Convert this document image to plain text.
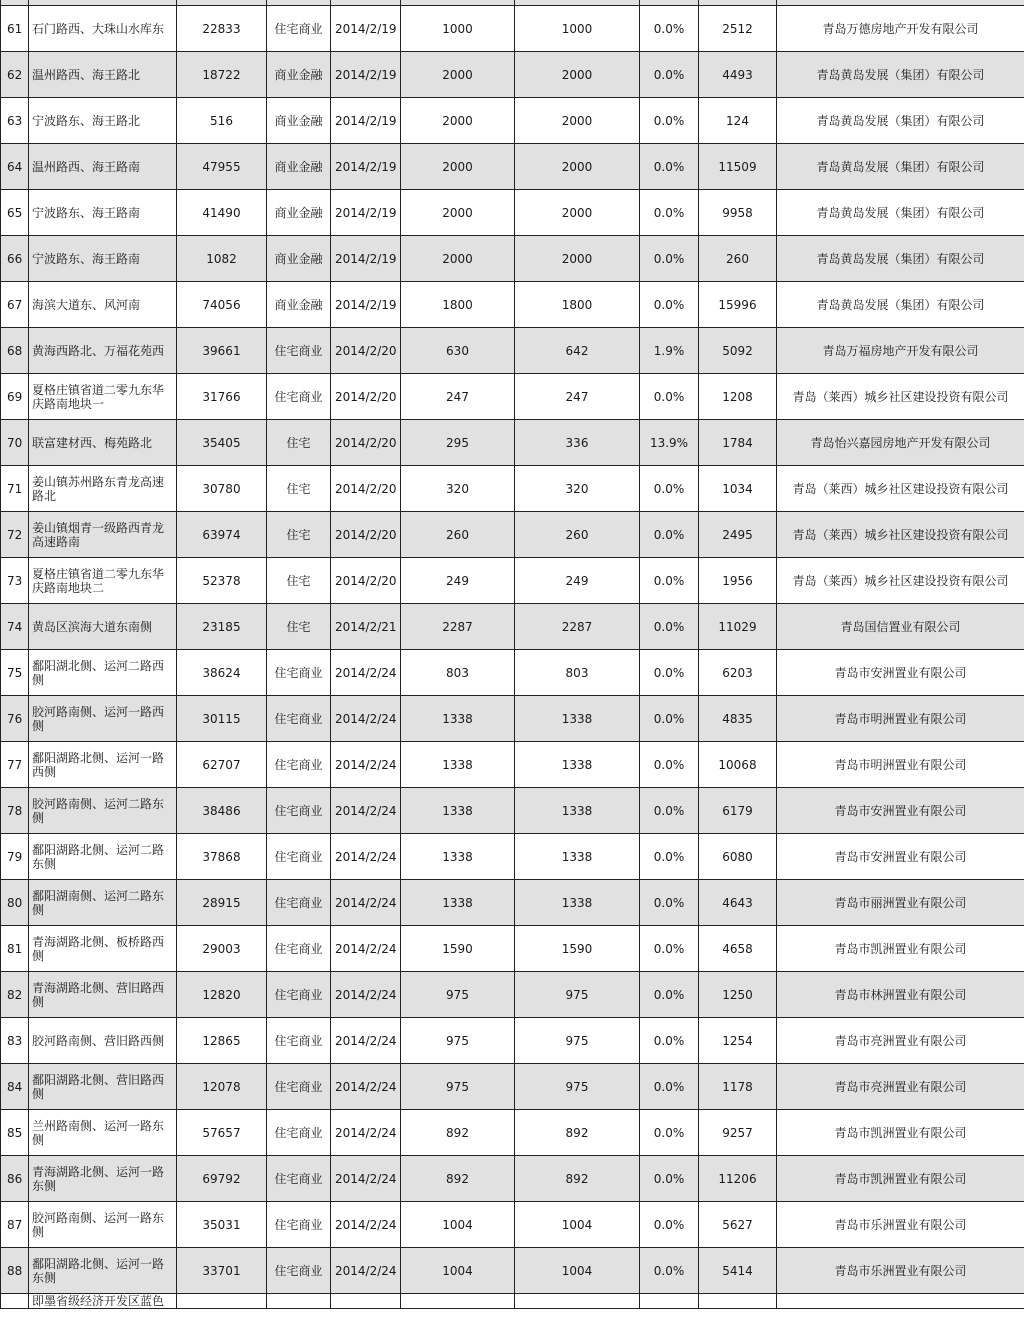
61	石门路西、大珠山水库东	22833	住宅商业	2014/2/19	1000	1000	0.0%	2512	青岛万德房地产开发有限公司
62	温州路西、海王路北	18722	商业金融	2014/2/19	2000	2000	0.0%	4493	青岛黄岛发展（集团）有限公司
63	宁波路东、海王路北	516	商业金融	2014/2/19	2000	2000	0.0%	124	青岛黄岛发展（集团）有限公司
64	温州路西、海王路南	47955	商业金融	2014/2/19	2000	2000	0.0%	11509	青岛黄岛发展（集团）有限公司
65	宁波路东、海王路南	41490	商业金融	2014/2/19	2000	2000	0.0%	9958	青岛黄岛发展（集团）有限公司
66	宁波路东、海王路南	1082	商业金融	2014/2/19	2000	2000	0.0%	260	青岛黄岛发展（集团）有限公司
67	海滨大道东、风河南	74056	商业金融	2014/2/19	1800	1800	0.0%	15996	青岛黄岛发展（集团）有限公司
68	黄海西路北、万福花苑西	39661	住宅商业	2014/2/20	630	642	1.9%	5092	青岛万福房地产开发有限公司
69	夏格庄镇省道二零九东华庆路南地块一	31766	住宅商业	2014/2/20	247	247	0.0%	1208	青岛（莱西）城乡社区建设投资有限公司
70	联富建材西、梅苑路北	35405	住宅	2014/2/20	295	336	13.9%	1784	青岛怡兴嘉园房地产开发有限公司
71	姜山镇苏州路东青龙高速路北	30780	住宅	2014/2/20	320	320	0.0%	1034	青岛（莱西）城乡社区建设投资有限公司
72	姜山镇烟青一级路西青龙高速路南	63974	住宅	2014/2/20	260	260	0.0%	2495	青岛（莱西）城乡社区建设投资有限公司
73	夏格庄镇省道二零九东华庆路南地块二	52378	住宅	2014/2/20	249	249	0.0%	1956	青岛（莱西）城乡社区建设投资有限公司
74	黄岛区滨海大道东南侧	23185	住宅	2014/2/21	2287	2287	0.0%	11029	青岛国信置业有限公司
75	鄱阳湖北侧、运河二路西侧	38624	住宅商业	2014/2/24	803	803	0.0%	6203	青岛市安洲置业有限公司
76	胶河路南侧、运河一路西侧	30115	住宅商业	2014/2/24	1338	1338	0.0%	4835	青岛市明洲置业有限公司
77	鄱阳湖路北侧、运河一路西侧	62707	住宅商业	2014/2/24	1338	1338	0.0%	10068	青岛市明洲置业有限公司
78	胶河路南侧、运河二路东侧	38486	住宅商业	2014/2/24	1338	1338	0.0%	6179	青岛市安洲置业有限公司
79	鄱阳湖路北侧、运河二路东侧	37868	住宅商业	2014/2/24	1338	1338	0.0%	6080	青岛市安洲置业有限公司
80	鄱阳湖南侧、运河二路东侧	28915	住宅商业	2014/2/24	1338	1338	0.0%	4643	青岛市丽洲置业有限公司
81	青海湖路北侧、板桥路西侧	29003	住宅商业	2014/2/24	1590	1590	0.0%	4658	青岛市凯洲置业有限公司
82	青海湖路北侧、营旧路西侧	12820	住宅商业	2014/2/24	975	975	0.0%	1250	青岛市林洲置业有限公司
83	胶河路南侧、营旧路西侧	12865	住宅商业	2014/2/24	975	975	0.0%	1254	青岛市亮洲置业有限公司
84	鄱阳湖路北侧、营旧路西侧	12078	住宅商业	2014/2/24	975	975	0.0%	1178	青岛市亮洲置业有限公司
85	兰州路南侧、运河一路东侧	57657	住宅商业	2014/2/24	892	892	0.0%	9257	青岛市凯洲置业有限公司
86	青海湖路北侧、运河一路东侧	69792	住宅商业	2014/2/24	892	892	0.0%	11206	青岛市凯洲置业有限公司
87	胶河路南侧、运河一路东侧	35031	住宅商业	2014/2/24	1004	1004	0.0%	5627	青岛市乐洲置业有限公司
88	鄱阳湖路北侧、运河一路东侧	33701	住宅商业	2014/2/24	1004	1004	0.0%	5414	青岛市乐洲置业有限公司
	即墨省级经济开发区蓝色								
